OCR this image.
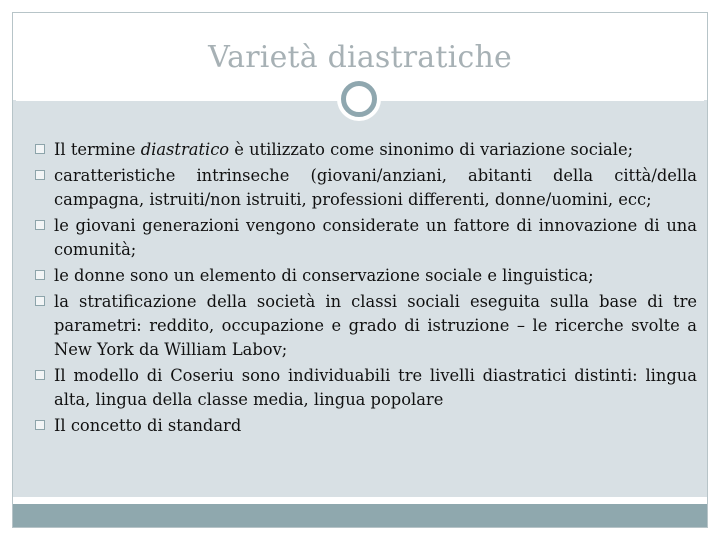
Varietà diastratiche
Il termine diastratico è utilizzato come sinonimo di variazione sociale;
caratteristiche intrinseche (giovani/anziani, abitanti della città/della campagna, istruiti/non istruiti, professioni differenti, donne/uomini, ecc;
le giovani generazioni vengono considerate un fattore di innovazione di una comunità;
le donne sono un elemento di conservazione sociale e linguistica;
la stratificazione della società in classi sociali eseguita sulla base di tre parametri: reddito, occupazione e grado di istruzione – le ricerche svolte a New York da William Labov;
Il modello di Coseriu sono individuabili tre livelli diastratici distinti: lingua alta, lingua della classe media, lingua popolare
Il concetto di standard
